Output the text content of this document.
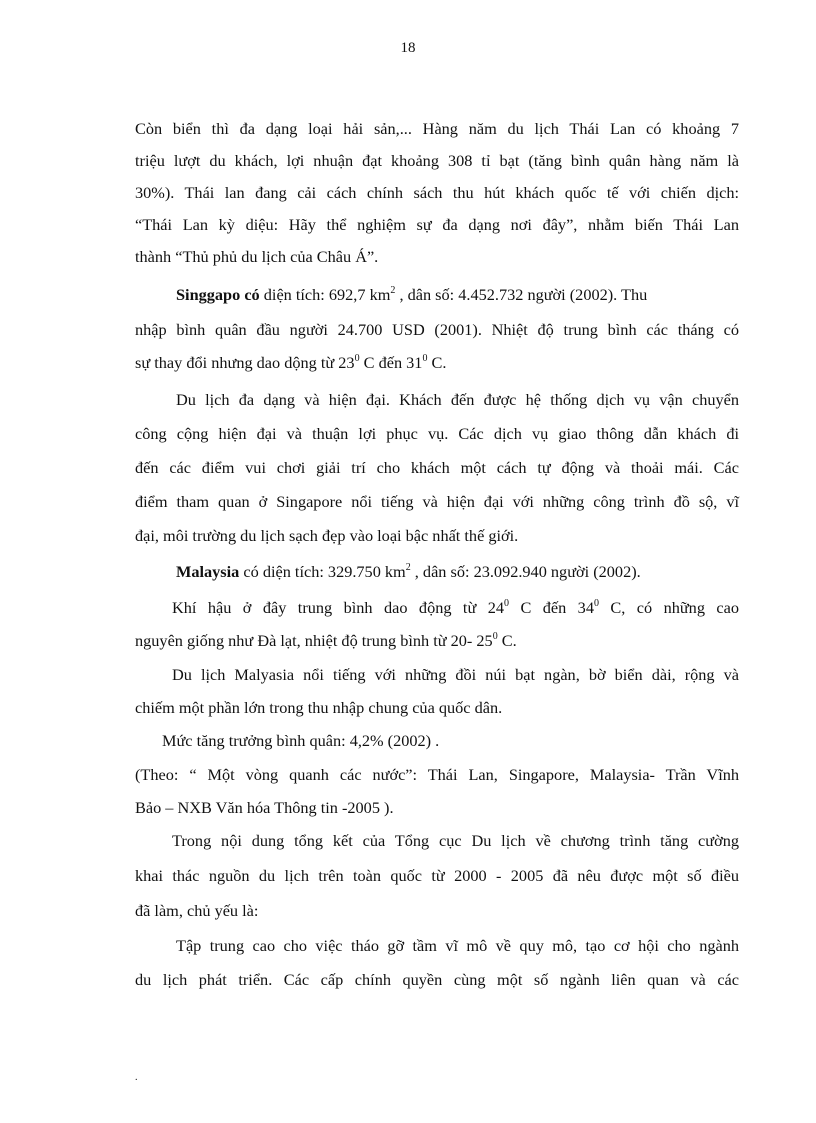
18
Còn biển thì đa dạng loại hải sản,... Hàng năm du lịch Thái Lan có khoảng 7
triệu lượt du khách, lợi nhuận đạt khoảng 308 tỉ bạt (tăng bình quân hàng năm là
30%). Thái lan đang cải cách chính sách thu hút khách quốc tế với chiến dịch:
“Thái Lan kỳ diệu: Hãy thể nghiệm sự đa dạng nơi đây”, nhằm biến Thái Lan
thành “Thủ phủ du lịch của Châu Á”.
Singgapo có diện tích: 692,7 $km^2$ , dân số: 4.452.732 người (2002). Thu
nhập bình quân đầu người 24.700 USD (2001). Nhiệt độ trung bình các tháng có
sự thay đổi nhưng dao dộng từ $23^0$ C đến $31^0$ C.
Du lịch đa dạng và hiện đại. Khách đến được hệ thống dịch vụ vận chuyển
công cộng hiện đại và thuận lợi phục vụ. Các dịch vụ giao thông dẫn khách đi
đến các điểm vui chơi giải trí cho khách một cách tự động và thoải mái. Các
điểm tham quan ở Singapore nổi tiếng và hiện đại với những công trình đồ sộ, vĩ
đại, môi trường du lịch sạch đẹp vào loại bậc nhất thế giới.
Malaysia có diện tích: 329.750 $km^2$ , dân số: 23.092.940 người (2002).
Khí hậu ở đây trung bình dao động từ $24^0$ C đến $34^0$ C, có những cao
nguyên giống như Đà lạt, nhiệt độ trung bình từ 20- $25^0$ C.
Du lịch Malyasia nổi tiếng với những đồi núi bạt ngàn, bờ biển dài, rộng và
chiếm một phần lớn trong thu nhập chung của quốc dân.
Mức tăng trưởng bình quân: 4,2% (2002) .
(Theo: “ Một vòng quanh các nước”: Thái Lan, Singapore, Malaysia- Trần Vĩnh
Bảo – NXB Văn hóa Thông tin -2005 ).
Trong nội dung tổng kết của Tổng cục Du lịch về chương trình tăng cường
khai thác nguồn du lịch trên toàn quốc từ 2000 - 2005 đã nêu được một số điều
đã làm, chủ yếu là:
Tập trung cao cho việc tháo gỡ tầm vĩ mô về quy mô, tạo cơ hội cho ngành
du lịch phát triển. Các cấp chính quyền cùng một số ngành liên quan và các
.
